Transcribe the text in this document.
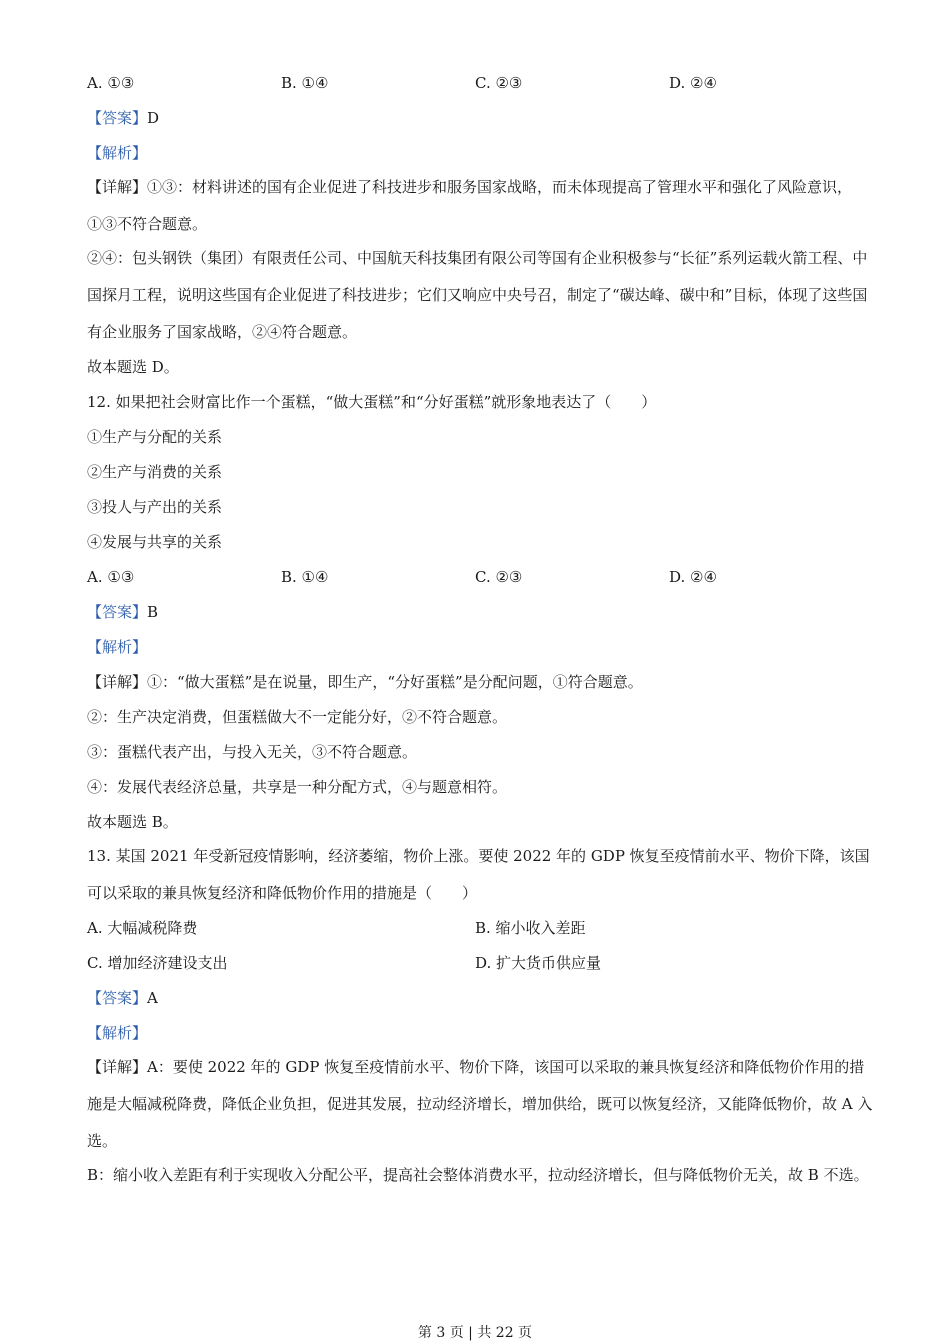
A. ①③	B. ①④	C. ②③	D. ②④
【答案】D
【解析】
【详解】①③：材料讲述的国有企业促进了科技进步和服务国家战略，而未体现提高了管理水平和强化了风险意识，①③不符合题意。
②④：包头钢铁（集团）有限责任公司、中国航天科技集团有限公司等国有企业积极参与“长征”系列运载火箭工程、中国探月工程，说明这些国有企业促进了科技进步；它们又响应中央号召，制定了“碳达峰、碳中和”目标，体现了这些国有企业服务了国家战略，②④符合题意。
故本题选 D。
12. 如果把社会财富比作一个蛋糕，“做大蛋糕”和“分好蛋糕”就形象地表达了（　　）
①生产与分配的关系
②生产与消费的关系
③投人与产出的关系
④发展与共享的关系
A. ①③	B. ①④	C. ②③	D. ②④
【答案】B
【解析】
【详解】①：“做大蛋糕”是在说量，即生产，“分好蛋糕”是分配问题，①符合题意。
②：生产决定消费，但蛋糕做大不一定能分好，②不符合题意。
③：蛋糕代表产出，与投入无关，③不符合题意。
④：发展代表经济总量，共享是一种分配方式，④与题意相符。
故本题选 B。
13. 某国 2021 年受新冠疫情影响，经济萎缩，物价上涨。要使 2022 年的 GDP 恢复至疫情前水平、物价下降，该国可以采取的兼具恢复经济和降低物价作用的措施是（　　）
A. 大幅减税降费	B. 缩小收入差距
C. 增加经济建设支出	D. 扩大货币供应量
【答案】A
【解析】
【详解】A：要使 2022 年的 GDP 恢复至疫情前水平、物价下降，该国可以采取的兼具恢复经济和降低物价作用的措施是大幅减税降费，降低企业负担，促进其发展，拉动经济增长，增加供给，既可以恢复经济，又能降低物价，故 A 入选。
B：缩小收入差距有利于实现收入分配公平，提高社会整体消费水平，拉动经济增长，但与降低物价无关，故 B 不选。
第 3 页 | 共 22 页
